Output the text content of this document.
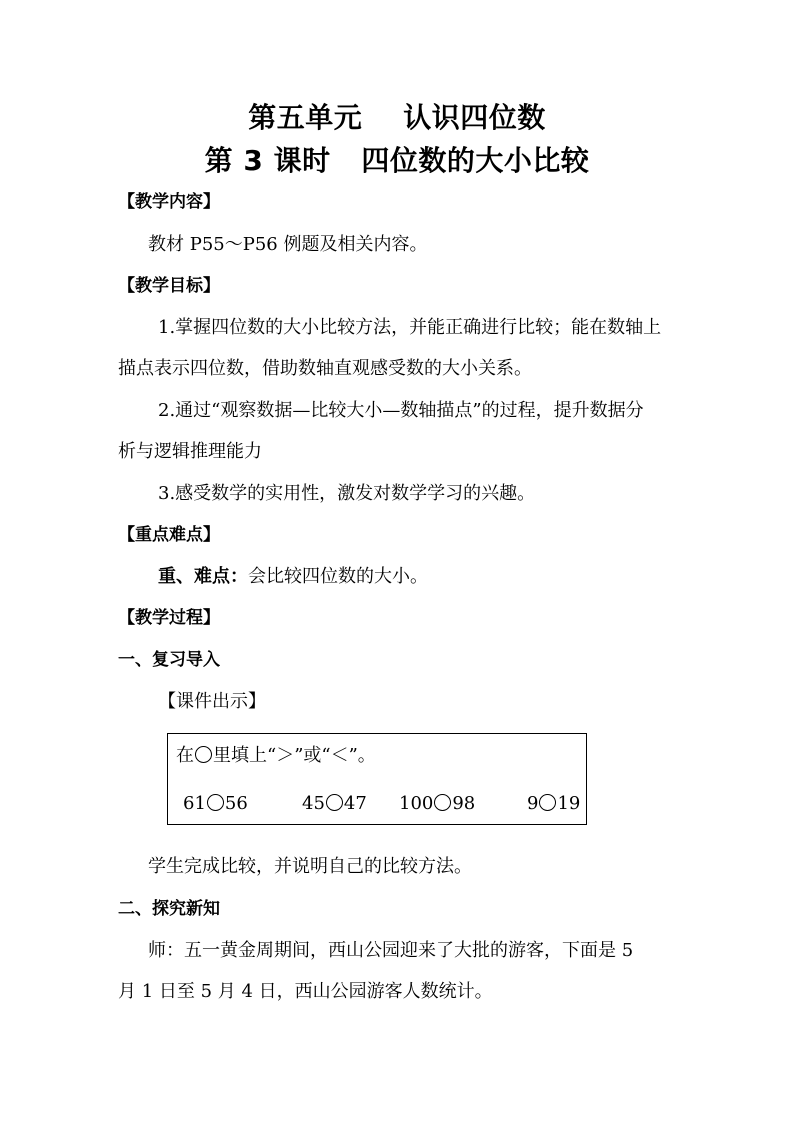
第五单元    认识四位数
第 3 课时   四位数的大小比较
【教学内容】
教材 P55～P56 例题及相关内容。
【教学目标】
1.掌握四位数的大小比较方法，并能正确进行比较；能在数轴上
描点表示四位数，借助数轴直观感受数的大小关系。
2.通过“观察数据—比较大小—数轴描点”的过程，提升数据分
析与逻辑推理能力
3.感受数学的实用性，激发对数学学习的兴趣。
【重点难点】
重、难点：会比较四位数的大小。
【教学过程】
一、复习导入
【课件出示】
在 里填上“＞”或“＜”。
61 56	45 47 100 98	9 19
学生完成比较，并说明自己的比较方法。
二、探究新知
师：五一黄金周期间，西山公园迎来了大批的游客，下面是 5
月 1 日至 5 月 4 日，西山公园游客人数统计。
